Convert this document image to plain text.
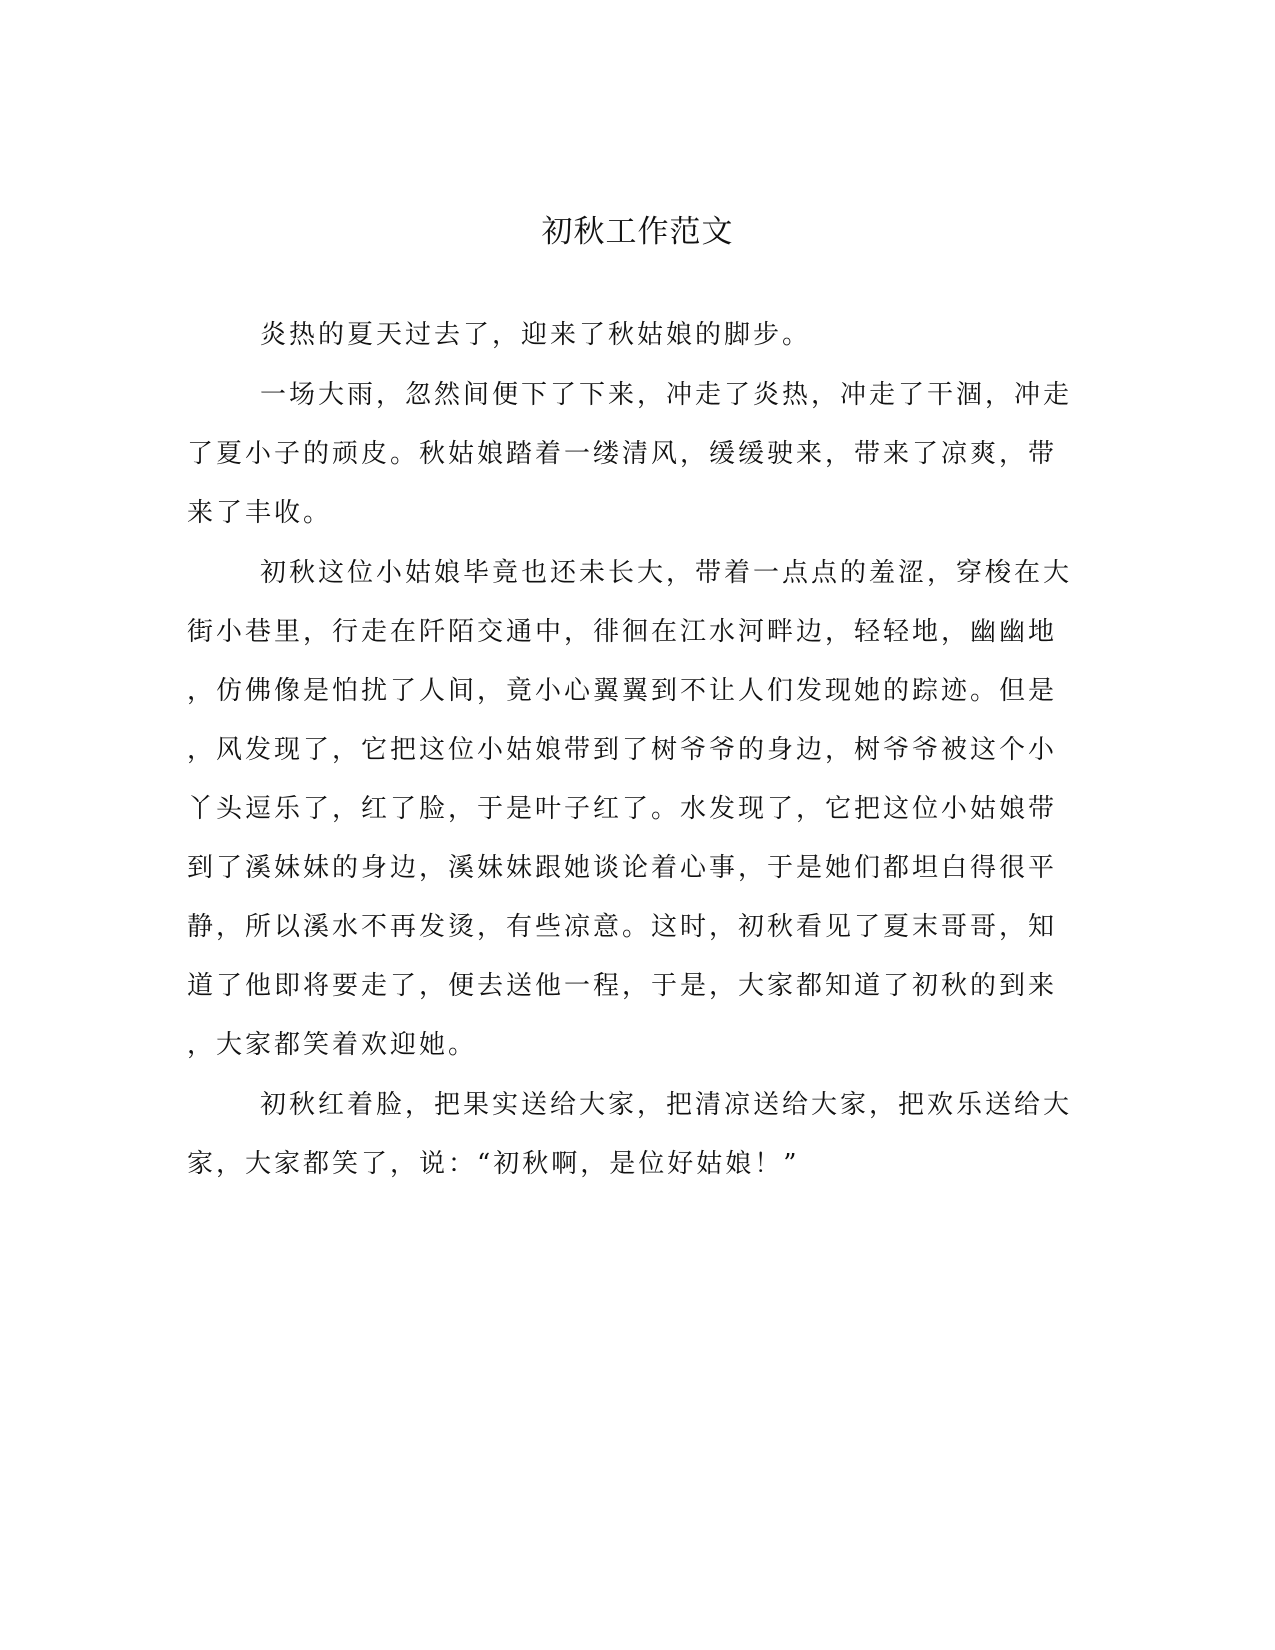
初秋工作范文
炎热的夏天过去了，迎来了秋姑娘的脚步。
一场大雨，忽然间便下了下来，冲走了炎热，冲走了干涸，冲走
了夏小子的顽皮。秋姑娘踏着一缕清风，缓缓驶来，带来了凉爽，带
来了丰收。
初秋这位小姑娘毕竟也还未长大，带着一点点的羞涩，穿梭在大
街小巷里，行走在阡陌交通中，徘徊在江水河畔边，轻轻地，幽幽地
，仿佛像是怕扰了人间，竟小心翼翼到不让人们发现她的踪迹。但是
，风发现了，它把这位小姑娘带到了树爷爷的身边，树爷爷被这个小
丫头逗乐了，红了脸，于是叶子红了。水发现了，它把这位小姑娘带
到了溪妹妹的身边，溪妹妹跟她谈论着心事，于是她们都坦白得很平
静，所以溪水不再发烫，有些凉意。这时，初秋看见了夏末哥哥，知
道了他即将要走了，便去送他一程，于是，大家都知道了初秋的到来
，大家都笑着欢迎她。
初秋红着脸，把果实送给大家，把清凉送给大家，把欢乐送给大
家，大家都笑了，说：“初秋啊，是位好姑娘！”
